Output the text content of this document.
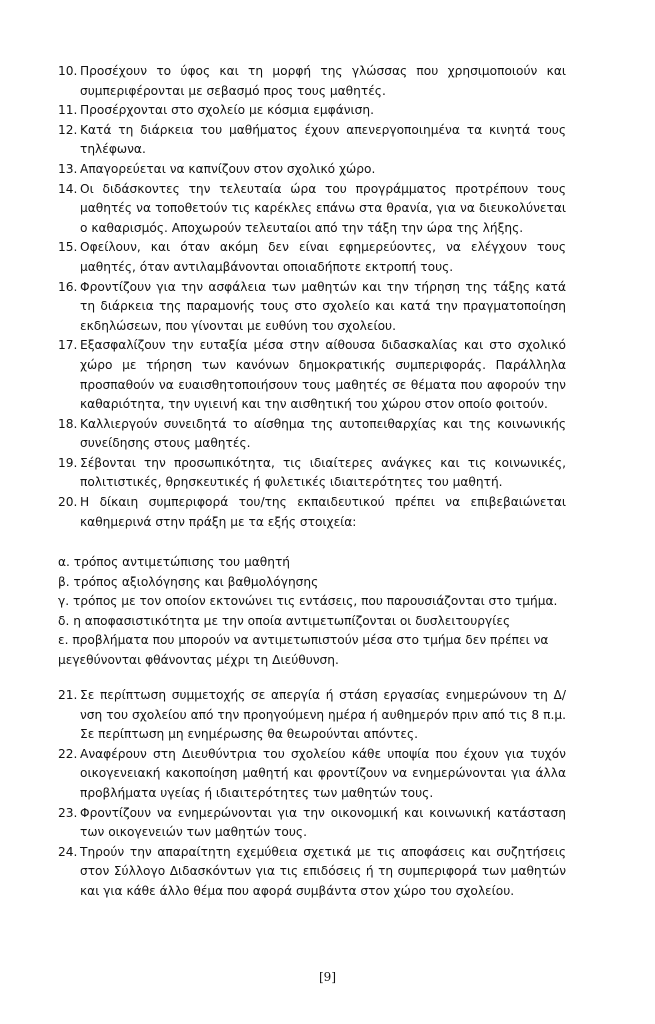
10. Προσέχουν το ύφος και τη μορφή της γλώσσας που χρησιμοποιούν και συμπεριφέρονται με σεβασμό προς τους μαθητές.
11. Προσέρχονται στο σχολείο με κόσμια εμφάνιση.
12. Κατά τη διάρκεια του μαθήματος έχουν απενεργοποιημένα τα κινητά τους τηλέφωνα.
13. Απαγορεύεται να καπνίζουν στον σχολικό χώρο.
14. Οι διδάσκοντες την τελευταία ώρα του προγράμματος προτρέπουν τους μαθητές να τοποθετούν τις καρέκλες επάνω στα θρανία, για να διευκολύνεται ο καθαρισμός. Αποχωρούν τελευταίοι από την τάξη την ώρα της λήξης.
15. Οφείλουν, και όταν ακόμη δεν είναι εφημερεύοντες, να ελέγχουν τους μαθητές, όταν αντιλαμβάνονται οποιαδήποτε εκτροπή τους.
16. Φροντίζουν για την ασφάλεια των μαθητών και την τήρηση της τάξης κατά τη διάρκεια της παραμονής τους στο σχολείο και κατά την πραγματοποίηση εκδηλώσεων, που γίνονται με ευθύνη του σχολείου.
17. Εξασφαλίζουν την ευταξία μέσα στην αίθουσα διδασκαλίας και στο σχολικό χώρο με τήρηση των κανόνων δημοκρατικής συμπεριφοράς. Παράλληλα προσπαθούν να ευαισθητοποιήσουν τους μαθητές σε θέματα που αφορούν την καθαριότητα, την υγιεινή και την αισθητική του χώρου στον οποίο φοιτούν.
18. Καλλιεργούν συνειδητά το αίσθημα της αυτοπειθαρχίας και της κοινωνικής συνείδησης στους μαθητές.
19. Σέβονται την προσωπικότητα, τις ιδιαίτερες ανάγκες και τις κοινωνικές, πολιτιστικές, θρησκευτικές ή φυλετικές ιδιαιτερότητες του μαθητή.
20. Η δίκαιη συμπεριφορά του/της εκπαιδευτικού πρέπει να επιβεβαιώνεται καθημερινά στην πράξη με τα εξής στοιχεία:
α. τρόπος αντιμετώπισης του μαθητή
β. τρόπος αξιολόγησης και βαθμολόγησης
γ. τρόπος με τον οποίον εκτονώνει τις εντάσεις, που παρουσιάζονται στο τμήμα.
δ. η αποφασιστικότητα με την οποία αντιμετωπίζονται οι δυσλειτουργίες
ε. προβλήματα που μπορούν να αντιμετωπιστούν μέσα στο τμήμα δεν πρέπει να μεγεθύνονται φθάνοντας μέχρι τη Διεύθυνση.
21. Σε περίπτωση συμμετοχής σε απεργία ή στάση εργασίας ενημερώνουν τη Δ/νση του σχολείου από την προηγούμενη ημέρα ή αυθημερόν πριν από τις 8 π.μ. Σε περίπτωση μη ενημέρωσης θα θεωρούνται απόντες.
22. Αναφέρουν στη Διευθύντρια του σχολείου κάθε υποψία που έχουν για τυχόν οικογενειακή κακοποίηση μαθητή και φροντίζουν να ενημερώνονται για άλλα προβλήματα υγείας ή ιδιαιτερότητες των μαθητών τους.
23. Φροντίζουν να ενημερώνονται για την οικονομική και κοινωνική κατάσταση των οικογενειών των μαθητών τους.
24. Τηρούν την απαραίτητη εχεμύθεια σχετικά με τις αποφάσεις και συζητήσεις στον Σύλλογο Διδασκόντων για τις επιδόσεις ή τη συμπεριφορά των μαθητών και για κάθε άλλο θέμα που αφορά συμβάντα στον χώρο του σχολείου.
[9]
